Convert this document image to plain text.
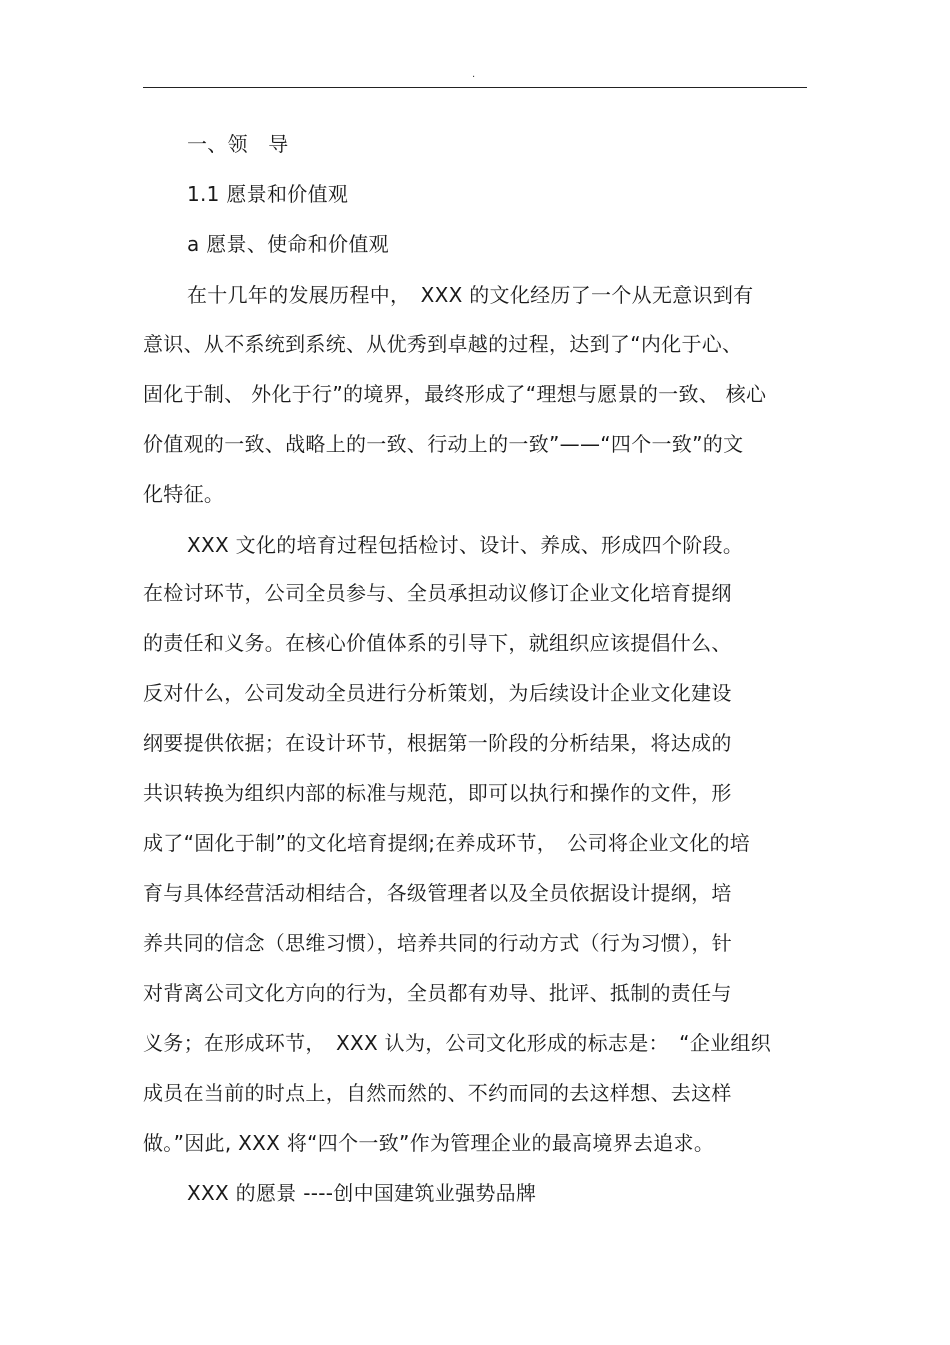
.
一、领　导
1.1 愿景和价值观
a 愿景、使命和价值观
在十几年的发展历程中，　XXX 的文化经历了一个从无意识到有
意识、从不系统到系统、从优秀到卓越的过程，达到了“内化于心、
固化于制、 外化于行”的境界，最终形成了“理想与愿景的一致、 核心
价值观的一致、战略上的一致、行动上的一致”——“四个一致”的文
化特征。
XXX 文化的培育过程包括检讨、设计、养成、形成四个阶段。
在检讨环节，公司全员参与、全员承担动议修订企业文化培育提纲
的责任和义务。在核心价值体系的引导下，就组织应该提倡什么、
反对什么，公司发动全员进行分析策划，为后续设计企业文化建设
纲要提供依据；在设计环节，根据第一阶段的分析结果，将达成的
共识转换为组织内部的标准与规范，即可以执行和操作的文件，形
成了“固化于制”的文化培育提纲;在养成环节，　公司将企业文化的培
育与具体经营活动相结合，各级管理者以及全员依据设计提纲，培
养共同的信念（思维习惯），培养共同的行动方式（行为习惯），针
对背离公司文化方向的行为，全员都有劝导、批评、抵制的责任与
义务；在形成环节，　XXX 认为，公司文化形成的标志是：　“企业组织
成员在当前的时点上，自然而然的、不约而同的去这样想、去这样
做。”因此, XXX 将“四个一致”作为管理企业的最高境界去追求。
XXX 的愿景 ----创中国建筑业强势品牌
